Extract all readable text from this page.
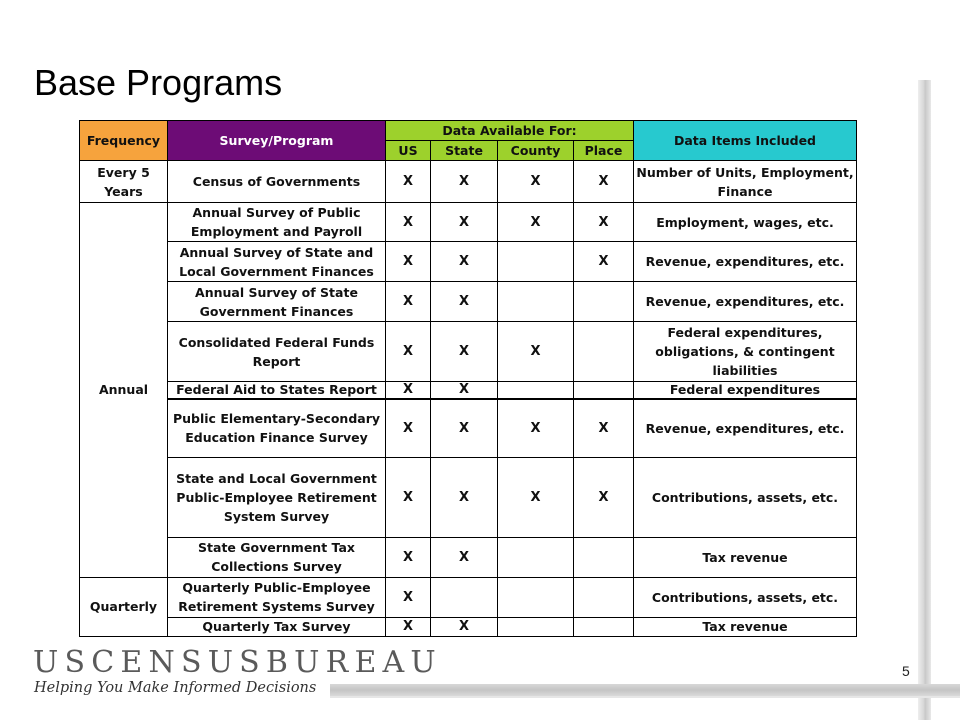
Base Programs
Frequency	Survey/Program	Data Available For:				Data Items Included
		US	State	County	Place	
Every 5 Years	Census of Governments	X	X	X	X	Number of Units, Employment, Finance
Annual	Annual Survey of Public Employment and Payroll	X	X	X	X	Employment, wages, etc.
	Annual Survey of State and Local Government Finances	X	X		X	Revenue, expenditures, etc.
	Annual Survey of State Government Finances	X	X			Revenue, expenditures, etc.
	Consolidated Federal Funds Report	X	X	X		Federal expenditures, obligations, & contingent liabilities
	Federal Aid to States Report	X	X			Federal expenditures
	Public Elementary-Secondary Education Finance Survey	X	X	X	X	Revenue, expenditures, etc.
	State and Local Government Public-Employee Retirement System Survey	X	X	X	X	Contributions, assets, etc.
	State Government Tax Collections Survey	X	X			Tax revenue
Quarterly	Quarterly Public-Employee Retirement Systems Survey	X				Contributions, assets, etc.
	Quarterly Tax Survey	X	X			Tax revenue
USCENSUSBUREAU
Helping You Make Informed Decisions
5
